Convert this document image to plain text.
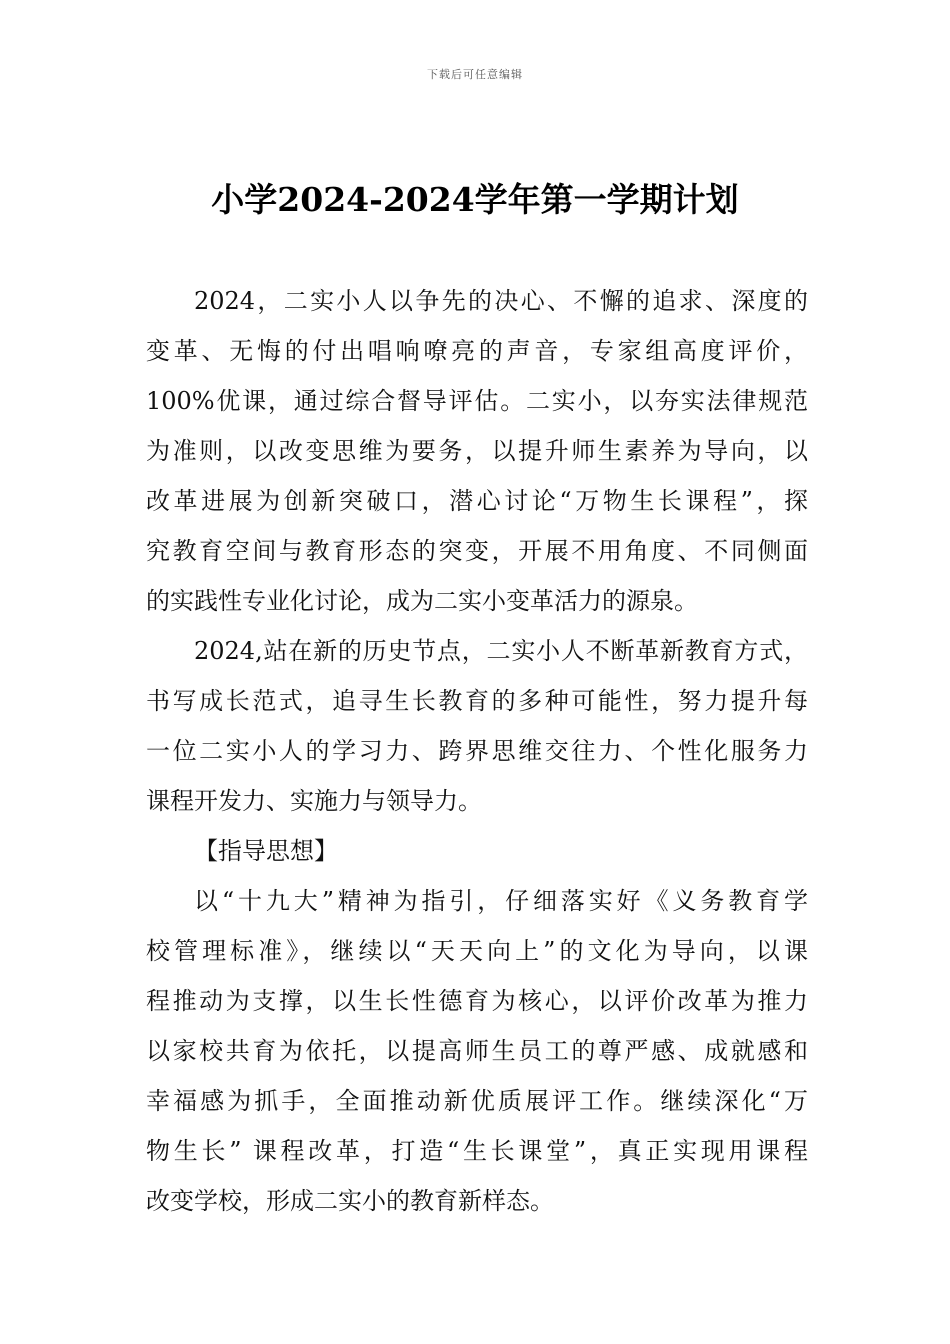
下载后可任意编辑
小学2024-2024学年第一学期计划
2024，二实小人以争先的决心、不懈的追求、深度的
变革、无悔的付出唱响嘹亮的声音，专家组高度评价，
100%优课，通过综合督导评估。二实小，以夯实法律规范
为准则，以改变思维为要务，以提升师生素养为导向，以
改革进展为创新突破口，潜心讨论“万物生长课程”，探
究教育空间与教育形态的突变，开展不用角度、不同侧面
的实践性专业化讨论，成为二实小变革活力的源泉。
2024,站在新的历史节点，二实小人不断革新教育方式，
书写成长范式，追寻生长教育的多种可能性，努力提升每
一位二实小人的学习力、跨界思维交往力、个性化服务力
课程开发力、实施力与领导力。
【指导思想】
以“十九大”精神为指引，仔细落实好《义务教育学
校管理标准》，继续以“天天向上”的文化为导向，以课
程推动为支撑，以生长性德育为核心，以评价改革为推力
以家校共育为依托，以提高师生员工的尊严感、成就感和
幸福感为抓手，全面推动新优质展评工作。继续深化“万
物生长” 课程改革，打造“生长课堂”，真正实现用课程
改变学校，形成二实小的教育新样态。
